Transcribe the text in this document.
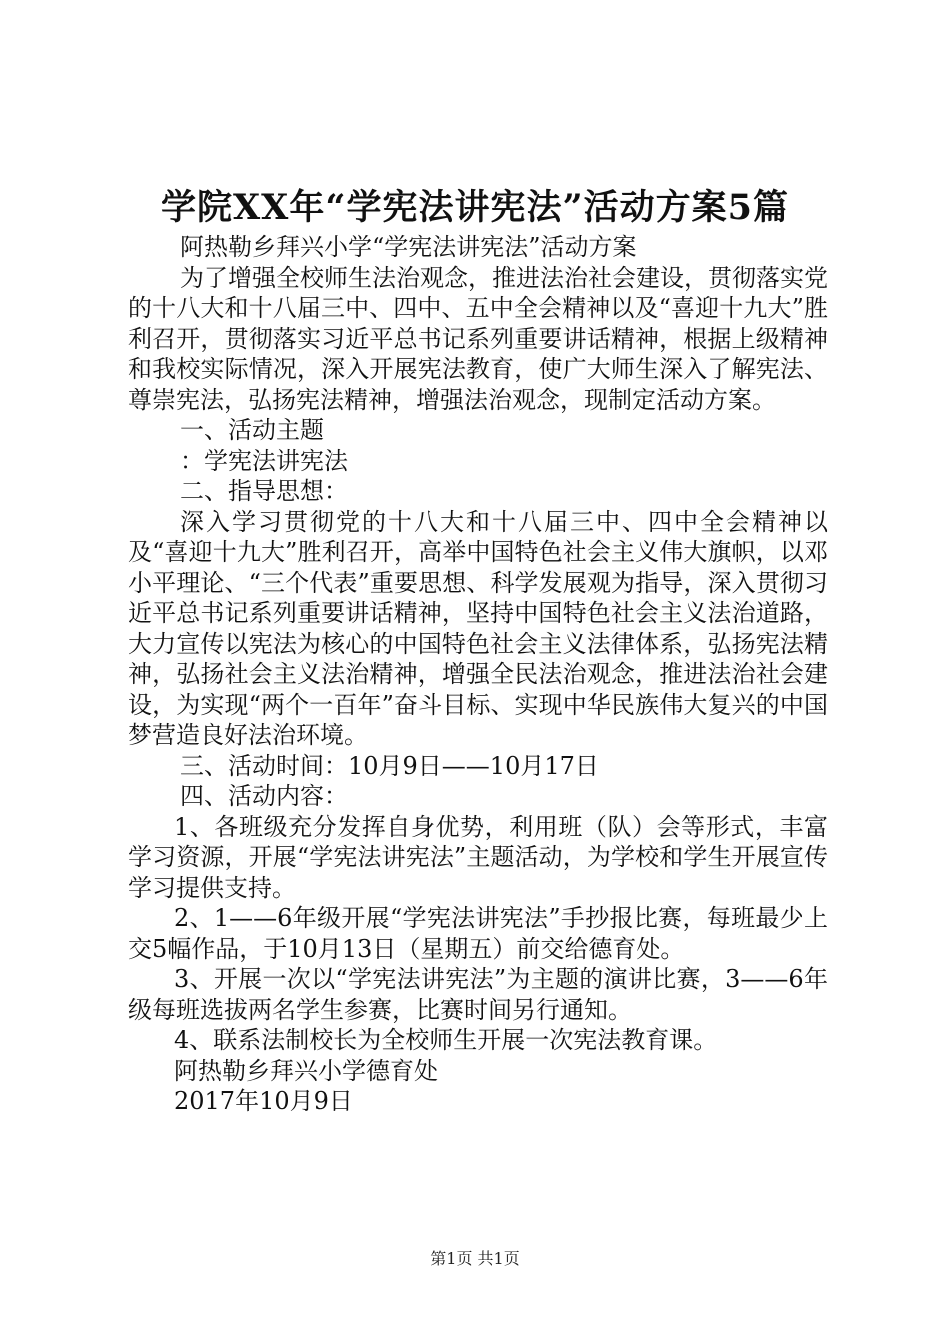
学院XX年“学宪法讲宪法”活动方案5篇

阿热勒乡拜兴小学“学宪法讲宪法”活动方案

为了增强全校师生法治观念，推进法治社会建设，贯彻落实党的十八大和十八届三中、四中、五中全会精神以及“喜迎十九大”胜利召开，贯彻落实习近平总书记系列重要讲话精神，根据上级精神和我校实际情况，深入开展宪法教育，使广大师生深入了解宪法、尊崇宪法，弘扬宪法精神，增强法治观念，现制定活动方案。

一、活动主题

：学宪法讲宪法

二、指导思想：

深入学习贯彻党的十八大和十八届三中、四中全会精神以及“喜迎十九大”胜利召开，高举中国特色社会主义伟大旗帜，以邓小平理论、“三个代表”重要思想、科学发展观为指导，深入贯彻习近平总书记系列重要讲话精神，坚持中国特色社会主义法治道路，大力宣传以宪法为核心的中国特色社会主义法律体系，弘扬宪法精神，弘扬社会主义法治精神，增强全民法治观念，推进法治社会建设，为实现“两个一百年”奋斗目标、实现中华民族伟大复兴的中国梦营造良好法治环境。

三、活动时间：10月9日——10月17日

四、活动内容：

1、各班级充分发挥自身优势，利用班（队）会等形式，丰富学习资源，开展“学宪法讲宪法”主题活动，为学校和学生开展宣传学习提供支持。

2、1——6年级开展“学宪法讲宪法”手抄报比赛，每班最少上交5幅作品，于10月13日（星期五）前交给德育处。

3、开展一次以“学宪法讲宪法”为主题的演讲比赛，3——6年级每班选拔两名学生参赛，比赛时间另行通知。

4、联系法制校长为全校师生开展一次宪法教育课。

阿热勒乡拜兴小学德育处

2017年10月9日

第1页 共1页
